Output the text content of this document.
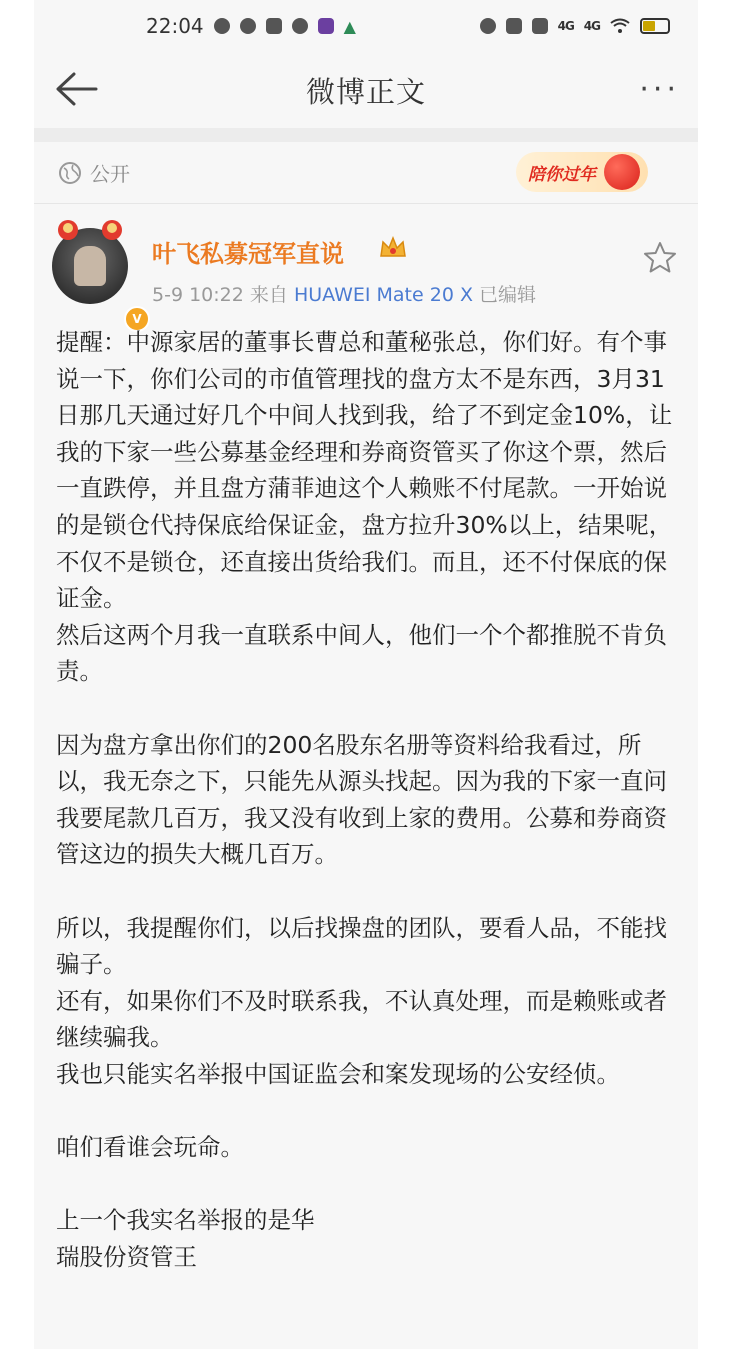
22:04	▲	4G 4G
微博正文	···
公开	陪你过年
V
叶飞私募冠军直说
5-9 10:22 来自 HUAWEI Mate 20 X 已编辑

提醒：中源家居的董事长曹总和董秘张总，你们好。有个事说一下，你们公司的市值管理找的盘方太不是东西，3月31日那几天通过好几个中间人找到我，给了不到定金10%，让我的下家一些公募基金经理和券商资管买了你这个票，然后一直跌停，并且盘方蒲菲迪这个人赖账不付尾款。一开始说的是锁仓代持保底给保证金，盘方拉升30%以上，结果呢，不仅不是锁仓，还直接出货给我们。而且，还不付保底的保证金。

然后这两个月我一直联系中间人，他们一个个都推脱不肯负责。

因为盘方拿出你们的200名股东名册等资料给我看过，所以，我无奈之下，只能先从源头找起。因为我的下家一直问我要尾款几百万，我又没有收到上家的费用。公募和券商资管这边的损失大概几百万。

所以，我提醒你们，以后找操盘的团队，要看人品，不能找骗子。

还有，如果你们不及时联系我，不认真处理，而是赖账或者继续骗我。

我也只能实名举报中国证监会和案发现场的公安经侦。

咱们看谁会玩命。

上一个我实名举报的是华

瑞股份资管王
